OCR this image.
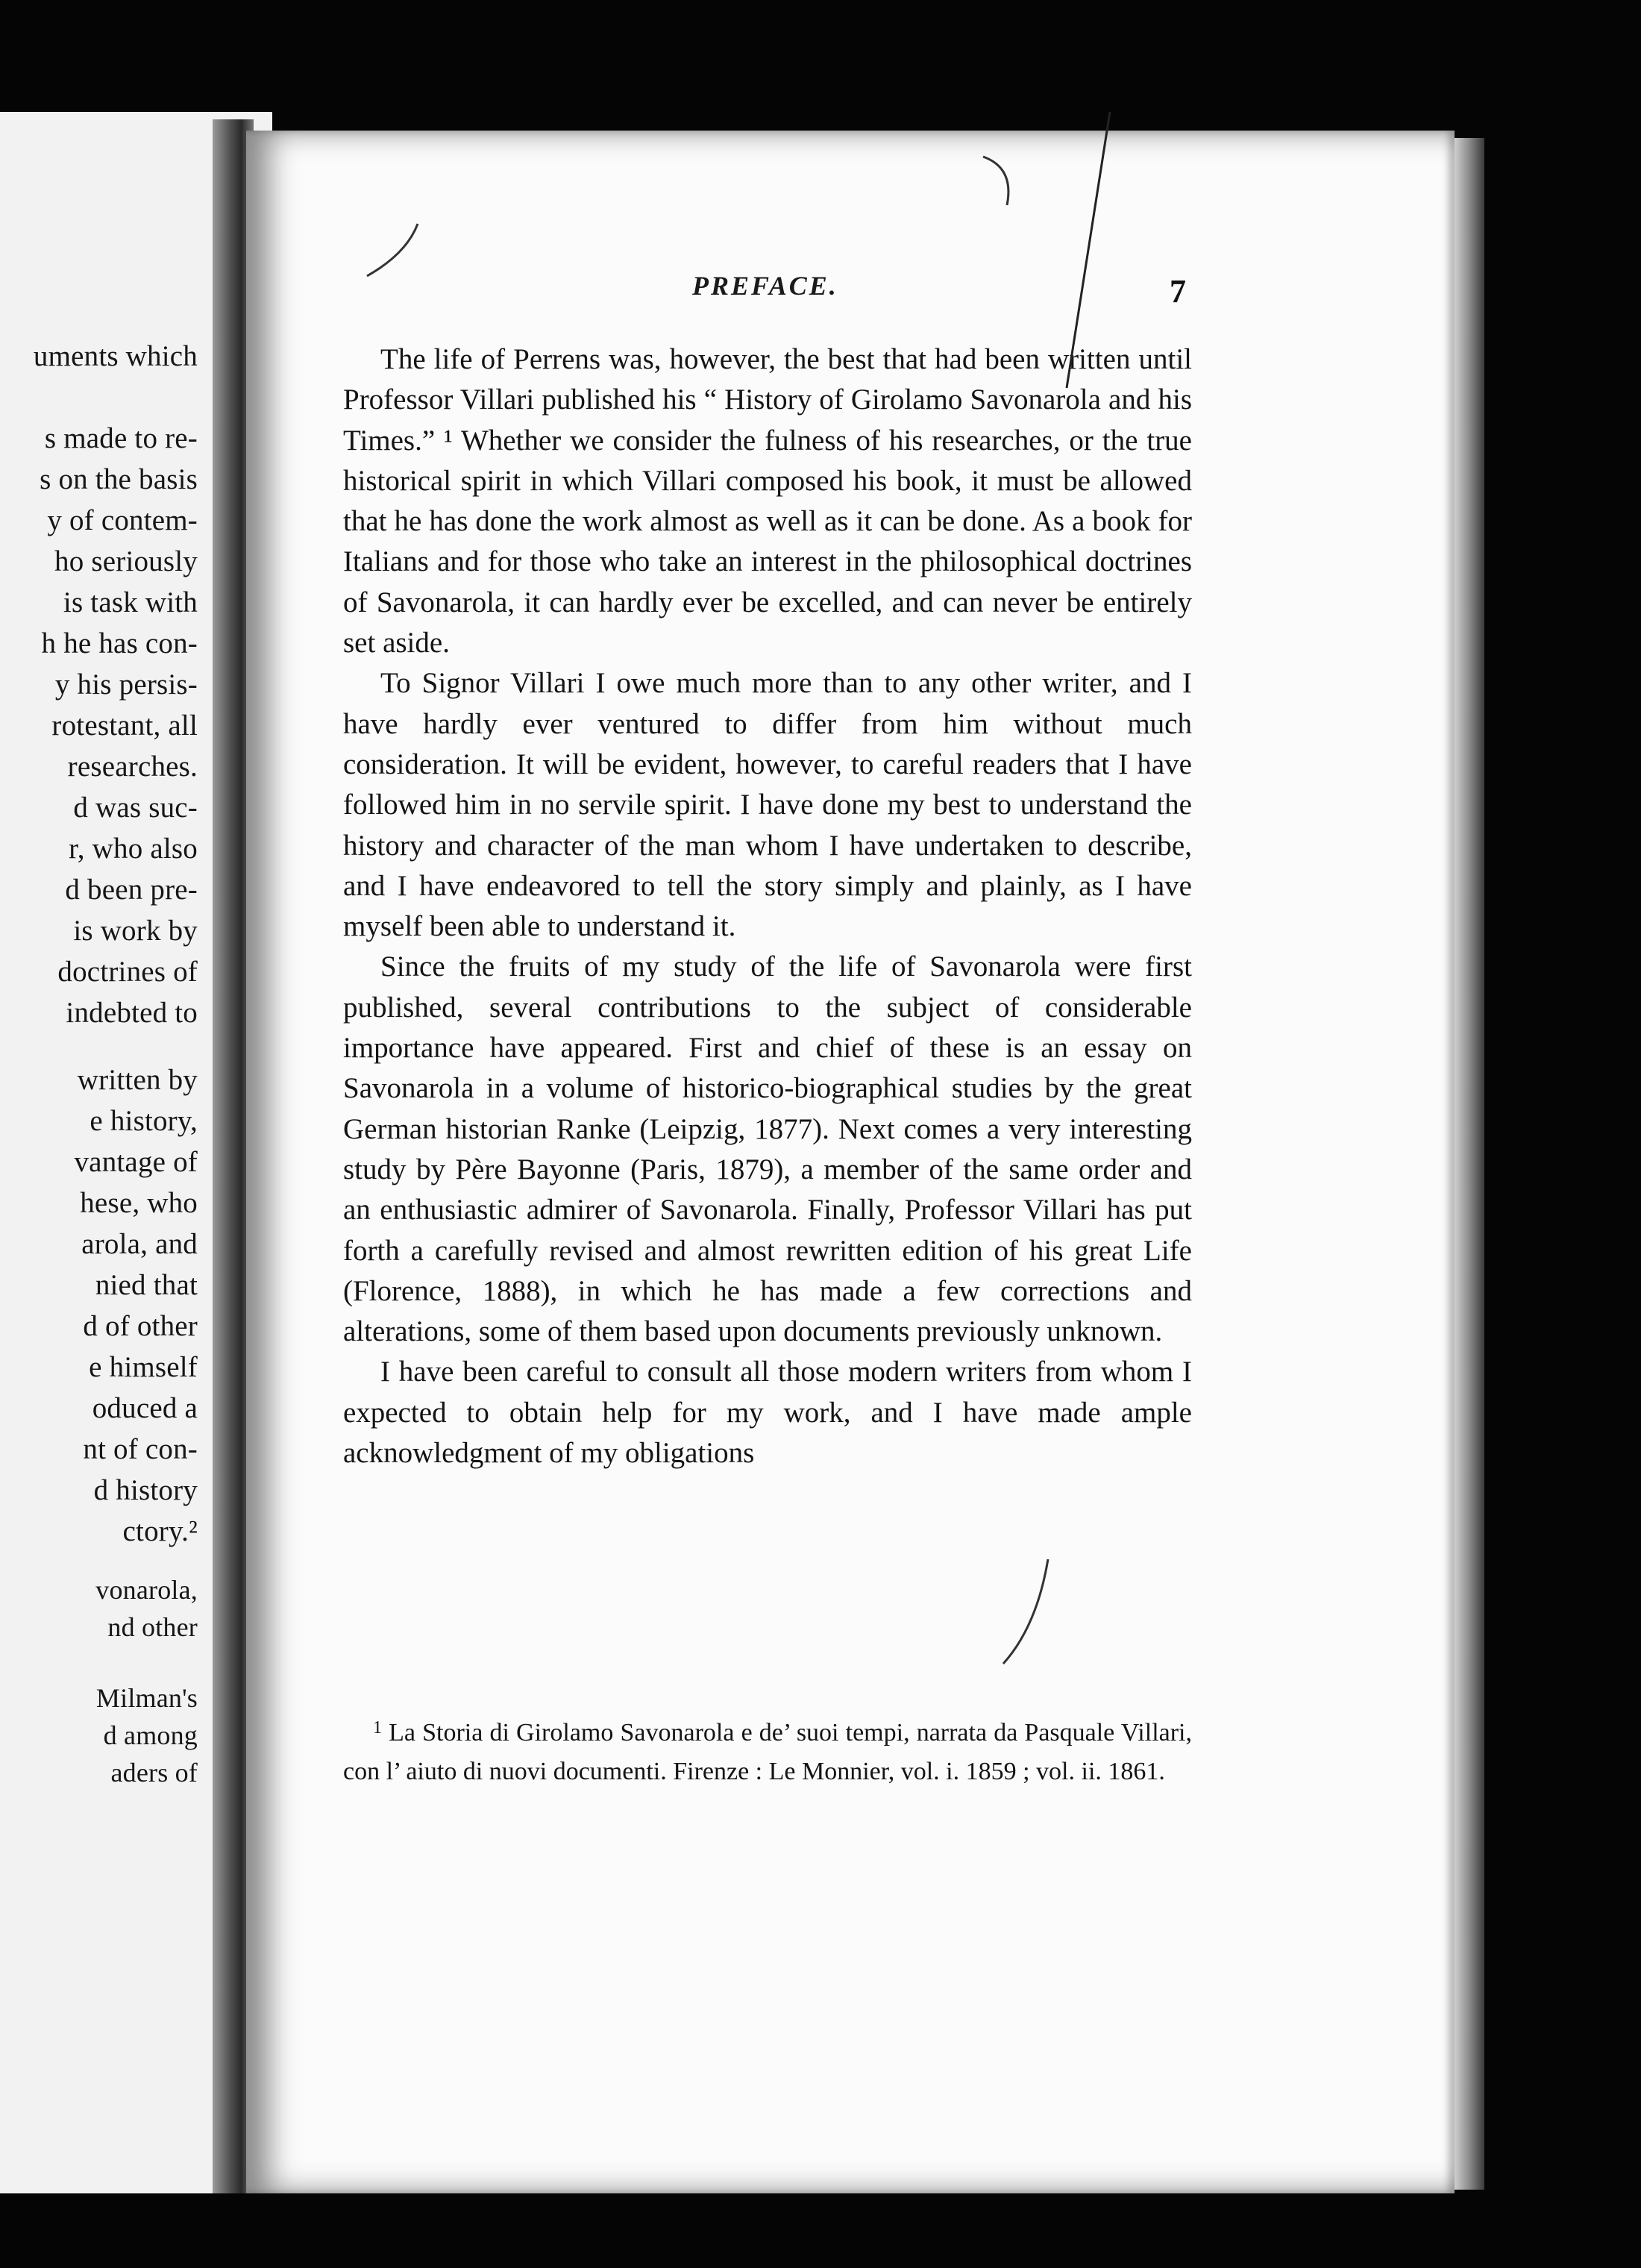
uments which
s made to re-
s on the basis
y of contem-
ho seriously
is task with
h he has con-
y his persis-
rotestant, all
researches.
d was suc-
r, who also
d been pre-
is work by
doctrines of
indebted to
written by
e history,
vantage of
hese, who
arola, and
nied that
d of other
e himself
oduced a
nt of con-
d history
ctory.²
vonarola,
nd other
Milman's
d among
aders of
PREFACE.	7

The life of Perrens was, however, the best that had been written until Professor Villari published his “ History of Girolamo Savonarola and his Times.” ¹ Whether we consider the fulness of his researches, or the true historical spirit in which Villari composed his book, it must be allowed that he has done the work almost as well as it can be done. As a book for Italians and for those who take an interest in the philosophical doctrines of Savonarola, it can hardly ever be excelled, and can never be entirely set aside.

To Signor Villari I owe much more than to any other writer, and I have hardly ever ventured to differ from him without much consideration. It will be evident, however, to careful readers that I have followed him in no servile spirit. I have done my best to understand the history and character of the man whom I have undertaken to describe, and I have endeavored to tell the story simply and plainly, as I have myself been able to understand it.

Since the fruits of my study of the life of Savonarola were first published, several contributions to the subject of considerable importance have appeared. First and chief of these is an essay on Savonarola in a volume of historico-biographical studies by the great German historian Ranke (Leipzig, 1877). Next comes a very interesting study by Père Bayonne (Paris, 1879), a member of the same order and an enthusiastic admirer of Savonarola. Finally, Professor Villari has put forth a carefully revised and almost rewritten edition of his great Life (Florence, 1888), in which he has made a few corrections and alterations, some of them based upon documents previously unknown.

I have been careful to consult all those modern writers from whom I expected to obtain help for my work, and I have made ample acknowledgment of my obligations

$^1$ La Storia di Girolamo Savonarola e de’ suoi tempi, narrata da Pasquale Villari, con l’ aiuto di nuovi documenti. Firenze : Le Monnier, vol. i. 1859 ; vol. ii. 1861.
